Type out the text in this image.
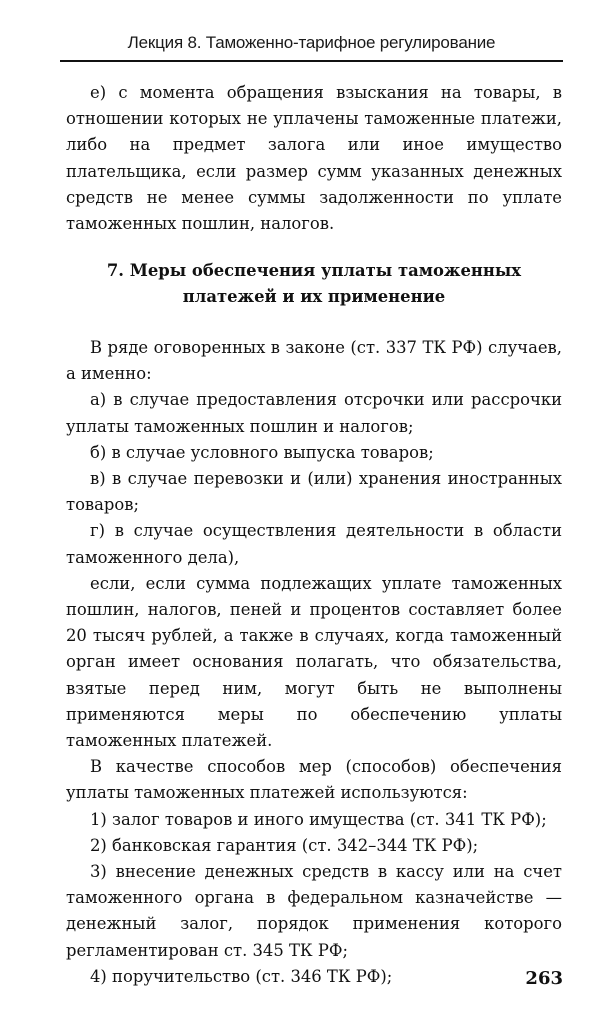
Лекция 8. Таможенно-тарифное регулирование

е) с момента обращения взыскания на товары, в отношении которых не уплачены таможенные платежи, либо на предмет залога или иное имущество плательщика, если размер сумм указанных денежных средств не менее суммы задолженности по уплате таможенных пошлин, налогов.

7. Меры обеспечения уплаты таможенных
платежей и их применение

В ряде оговоренных в законе (ст. 337 ТК РФ) случаев, а именно:

а) в случае предоставления отсрочки или рассрочки уплаты таможенных пошлин и налогов;

б) в случае условного выпуска товаров;

в) в случае перевозки и (или) хранения иностранных товаров;

г) в случае осуществления деятельности в области таможенного дела),

если, если сумма подлежащих уплате таможенных пошлин, налогов, пеней и процентов составляет более 20 тысяч рублей, а также в случаях, когда таможенный орган имеет основания полагать, что обязательства, взятые перед ним, могут быть не выполнены применяются меры по обеспечению уплаты таможенных платежей.

В качестве способов мер (способов) обеспечения уплаты таможенных платежей используются:

1) залог товаров и иного имущества (ст. 341 ТК РФ);

2) банковская гарантия (ст. 342–344 ТК РФ);

3) внесение денежных средств в кассу или на счет таможенного органа в федеральном казначействе — денежный залог, порядок применения которого регламентирован ст. 345 ТК РФ;

4) поручительство (ст. 346 ТК РФ);	263
